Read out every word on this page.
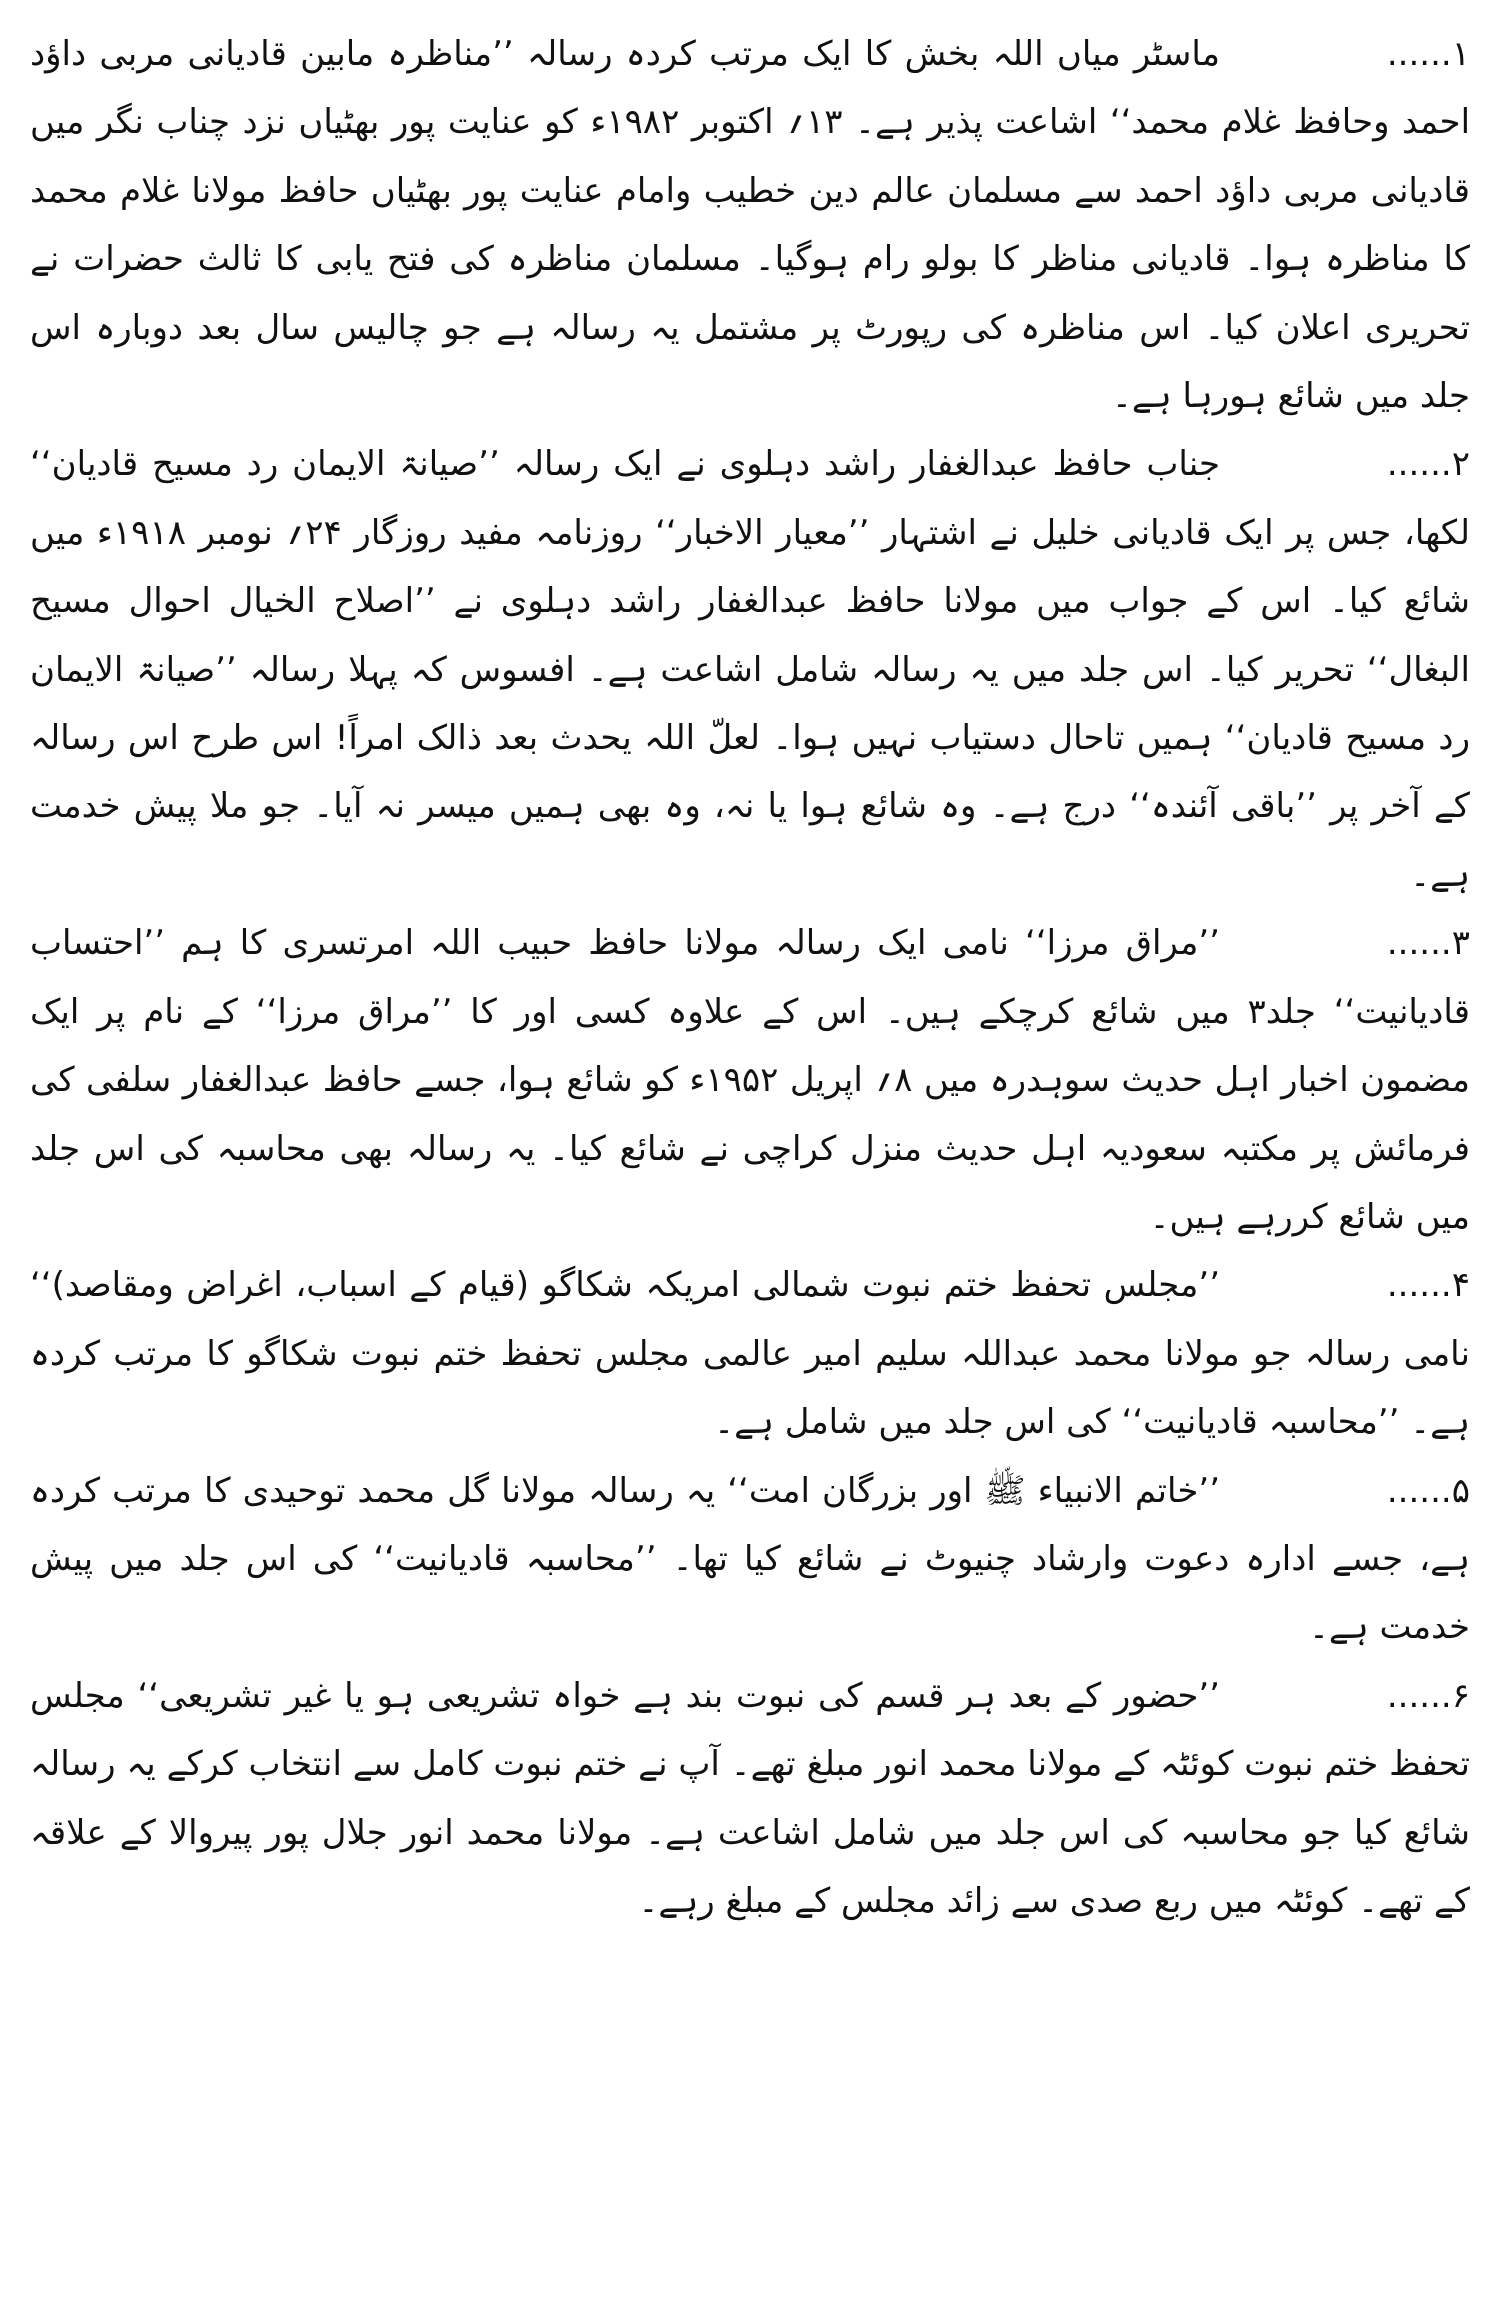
۱......ماسٹر میاں اللہ بخش کا ایک مرتب کردہ رسالہ ’’مناظرہ مابین قادیانی مربی داؤد احمد وحافظ غلام محمد‘‘ اشاعت پذیر ہے۔ ۱۳؍ اکتوبر ۱۹۸۲ء کو عنایت پور بھٹیاں نزد چناب نگر میں قادیانی مربی داؤد احمد سے مسلمان عالم دین خطیب وامام عنایت پور بھٹیاں حافظ مولانا غلام محمد کا مناظرہ ہوا۔ قادیانی مناظر کا بولو رام ہوگیا۔ مسلمان مناظرہ کی فتح یابی کا ثالث حضرات نے تحریری اعلان کیا۔ اس مناظرہ کی رپورٹ پر مشتمل یہ رسالہ ہے جو چالیس سال بعد دوبارہ اس جلد میں شائع ہورہا ہے۔

۲......جناب حافظ عبدالغفار راشد دہلوی نے ایک رسالہ ’’صیانۃ الایمان رد مسیح قادیان‘‘ لکھا، جس پر ایک قادیانی خلیل نے اشتہار ’’معیار الاخبار‘‘ روزنامہ مفید روزگار ۲۴؍ نومبر ۱۹۱۸ء میں شائع کیا۔ اس کے جواب میں مولانا حافظ عبدالغفار راشد دہلوی نے ’’اصلاح الخیال احوال مسیح البغال‘‘ تحریر کیا۔ اس جلد میں یہ رسالہ شامل اشاعت ہے۔ افسوس کہ پہلا رسالہ ’’صیانۃ الایمان رد مسیح قادیان‘‘ ہمیں تاحال دستیاب نہیں ہوا۔ لعلّ اللہ یحدث بعد ذالک امراً! اس طرح اس رسالہ کے آخر پر ’’باقی آئندہ‘‘ درج ہے۔ وہ شائع ہوا یا نہ، وہ بھی ہمیں میسر نہ آیا۔ جو ملا پیش خدمت ہے۔

۳......’’مراق مرزا‘‘ نامی ایک رسالہ مولانا حافظ حبیب اللہ امرتسری کا ہم ’’احتساب قادیانیت‘‘ جلد۳ میں شائع کرچکے ہیں۔ اس کے علاوہ کسی اور کا ’’مراق مرزا‘‘ کے نام پر ایک مضمون اخبار اہل حدیث سوہدرہ میں ۸؍ اپریل ۱۹۵۲ء کو شائع ہوا، جسے حافظ عبدالغفار سلفی کی فرمائش پر مکتبہ سعودیہ اہل حدیث منزل کراچی نے شائع کیا۔ یہ رسالہ بھی محاسبہ کی اس جلد میں شائع کررہے ہیں۔

۴......’’مجلس تحفظ ختم نبوت شمالی امریکہ شکاگو (قیام کے اسباب، اغراض ومقاصد)‘‘ نامی رسالہ جو مولانا محمد عبداللہ سلیم امیر عالمی مجلس تحفظ ختم نبوت شکاگو کا مرتب کردہ ہے۔ ’’محاسبہ قادیانیت‘‘ کی اس جلد میں شامل ہے۔

۵......’’خاتم الانبیاء ﷺ اور بزرگان امت‘‘ یہ رسالہ مولانا گل محمد توحیدی کا مرتب کردہ ہے، جسے ادارہ دعوت وارشاد چنیوٹ نے شائع کیا تھا۔ ’’محاسبہ قادیانیت‘‘ کی اس جلد میں پیش خدمت ہے۔

۶......’’حضور کے بعد ہر قسم کی نبوت بند ہے خواہ تشریعی ہو یا غیر تشریعی‘‘ مجلس تحفظ ختم نبوت کوئٹہ کے مولانا محمد انور مبلغ تھے۔ آپ نے ختم نبوت کامل سے انتخاب کرکے یہ رسالہ شائع کیا جو محاسبہ کی اس جلد میں شامل اشاعت ہے۔ مولانا محمد انور جلال پور پیروالا کے علاقہ کے تھے۔ کوئٹہ میں ربع صدی سے زائد مجلس کے مبلغ رہے۔
